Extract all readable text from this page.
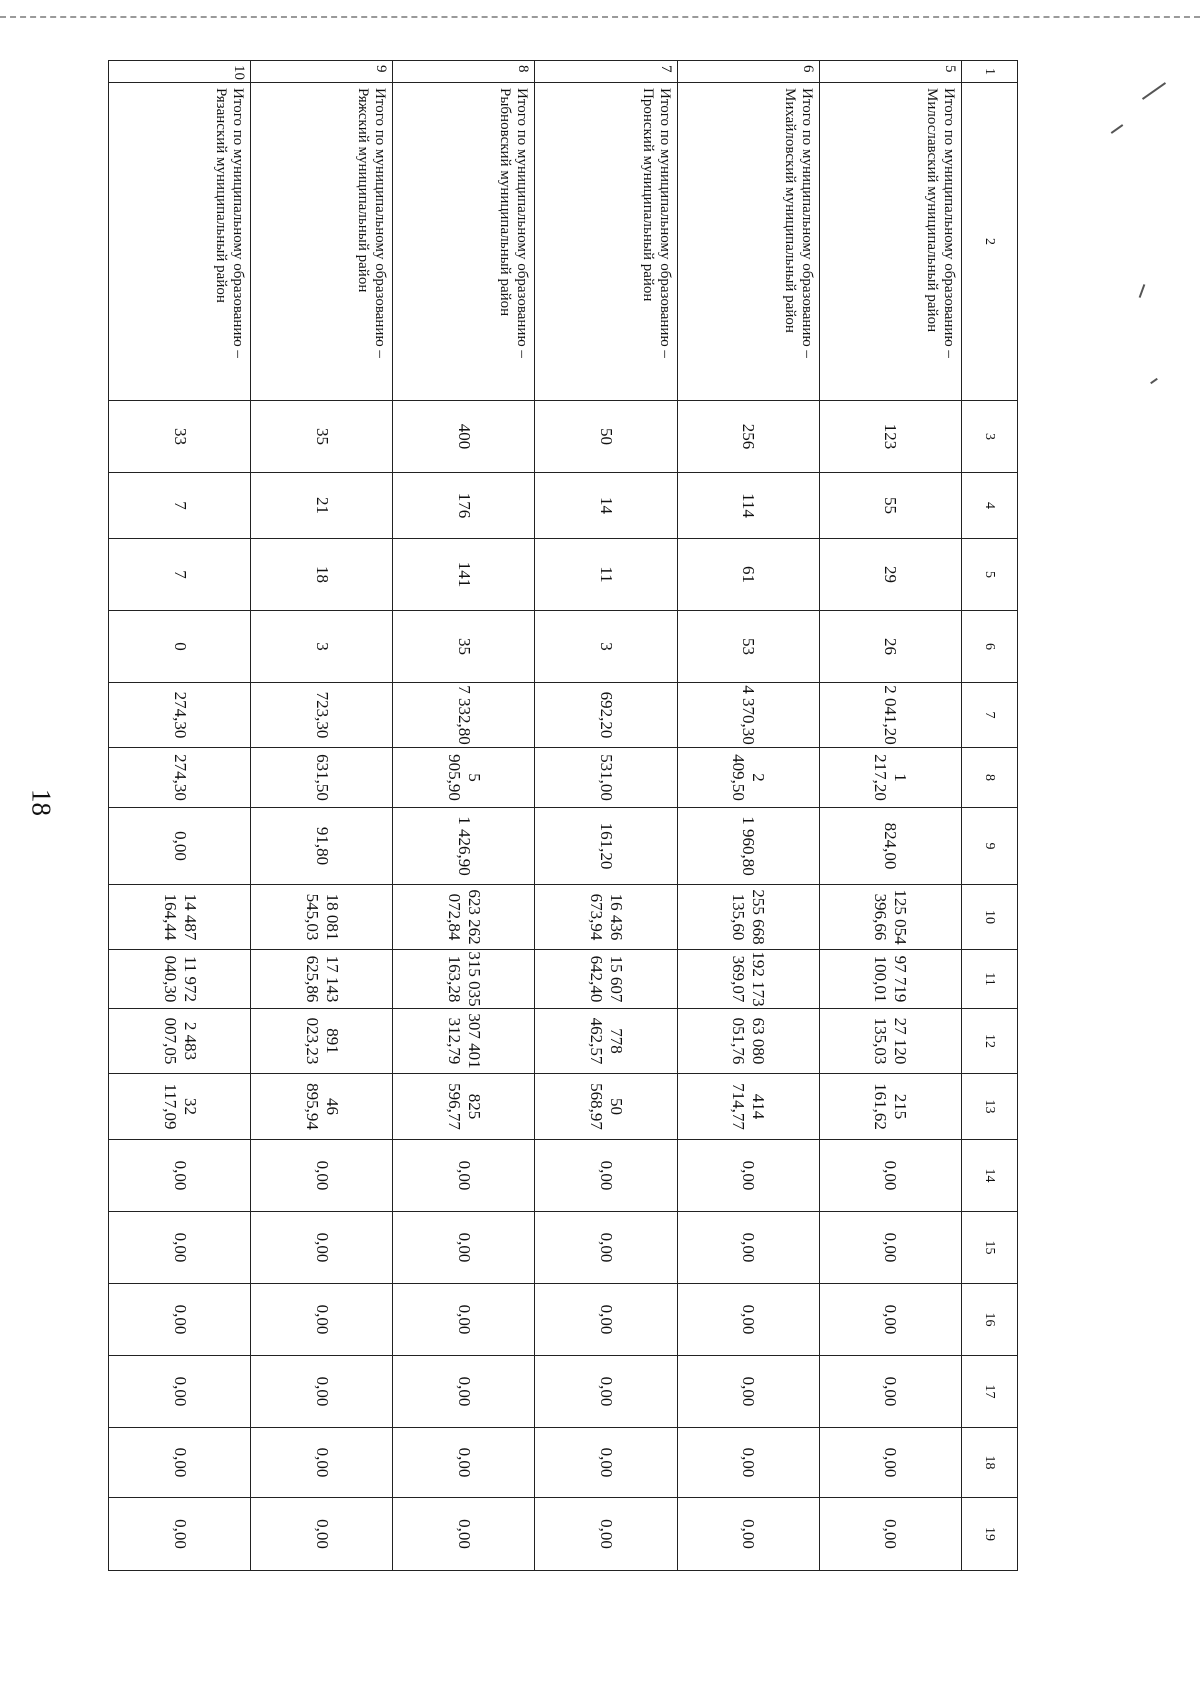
18
1	2	3	4	5	6	7	8	9	10	11	12	13	14	15	16	17	18	19
5	Итого по муниципальному образованию – Милославский муниципальный район	123	55	29	26	2 041,20	1 217,20	824,00	125 054 396,66	97 719 100,01	27 120 135,03	215 161,62	0,00	0,00	0,00	0,00	0,00	0,00
6	Итого по муниципальному образованию – Михайловский муниципальный район	256	114	61	53	4 370,30	2 409,50	1 960,80	255 668 135,60	192 173 369,07	63 080 051,76	414 714,77	0,00	0,00	0,00	0,00	0,00	0,00
7	Итого по муниципальному образованию – Пронский муниципальный район	50	14	11	3	692,20	531,00	161,20	16 436 673,94	15 607 642,40	778 462,57	50 568,97	0,00	0,00	0,00	0,00	0,00	0,00
8	Итого по муниципальному образованию – Рыбновский муниципальный район	400	176	141	35	7 332,80	5 905,90	1 426,90	623 262 072,84	315 035 163,28	307 401 312,79	825 596,77	0,00	0,00	0,00	0,00	0,00	0,00
9	Итого по муниципальному образованию – Ряжский муниципальный район	35	21	18	3	723,30	631,50	91,80	18 081 545,03	17 143 625,86	891 023,23	46 895,94	0,00	0,00	0,00	0,00	0,00	0,00
10	Итого по муниципальному образованию – Рязанский муниципальный район	33	7	7	0	274,30	274,30	0,00	14 487 164,44	11 972 040,30	2 483 007,05	32 117,09	0,00	0,00	0,00	0,00	0,00	0,00
